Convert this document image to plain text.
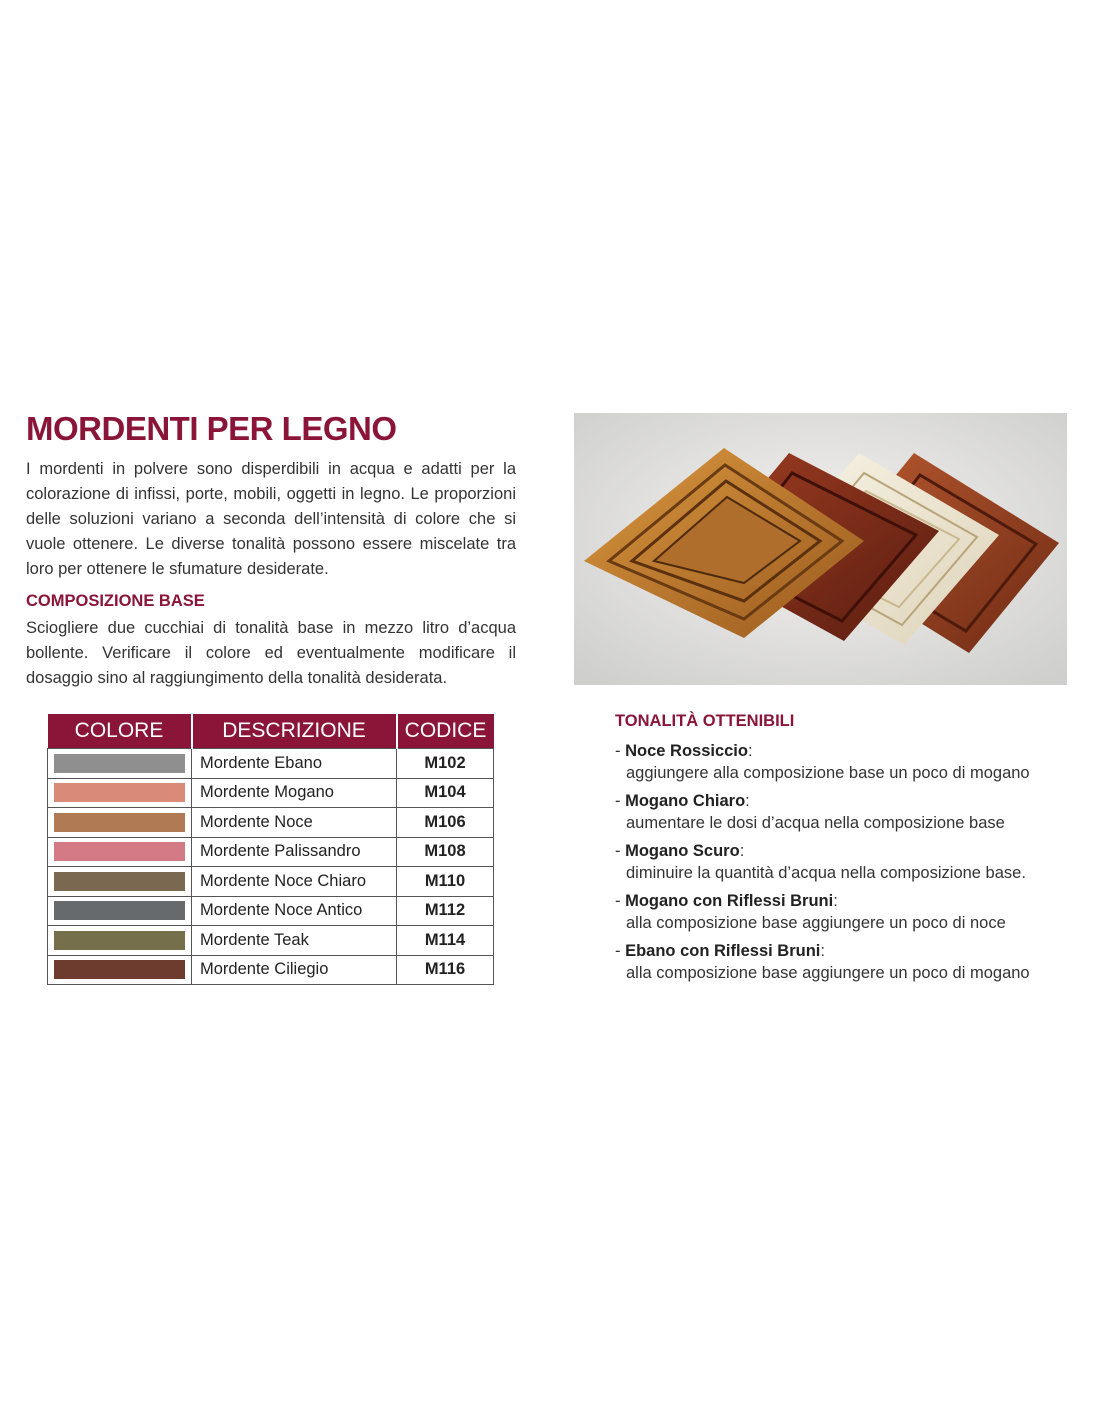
MORDENTI PER LEGNO

I mordenti in polvere sono disperdibili in acqua e adatti per la colorazione di infissi, porte, mobili, oggetti in legno. Le proporzioni delle soluzioni variano a seconda dell’intensità di colore che si vuole ottenere. Le diverse tonalità possono essere miscelate tra loro per ottenere le sfumature desiderate.

COMPOSIZIONE BASE

Sciogliere due cucchiai di tonalità base in mezzo litro d’acqua bollente. Verificare il colore ed eventualmente modificare il dosaggio sino al raggiungimento della tonalità desiderata.

COLORE	DESCRIZIONE	CODICE

	Mordente Ebano	M102

	Mordente Mogano	M104

	Mordente Noce	M106

	Mordente Palissandro	M108

	Mordente Noce Chiaro	M110

	Mordente Noce Antico	M112

	Mordente Teak	M114

	Mordente Ciliegio	M116
TONALITÀ OTTENIBILI
- Noce Rossiccio:
aggiungere alla composizione base un poco di mogano
- Mogano Chiaro:
aumentare le dosi d’acqua nella composizione base
- Mogano Scuro:
diminuire la quantità d’acqua nella composizione base.
- Mogano con Riflessi Bruni:
alla composizione base aggiungere un poco di noce
- Ebano con Riflessi Bruni:
alla composizione base aggiungere un poco di mogano
